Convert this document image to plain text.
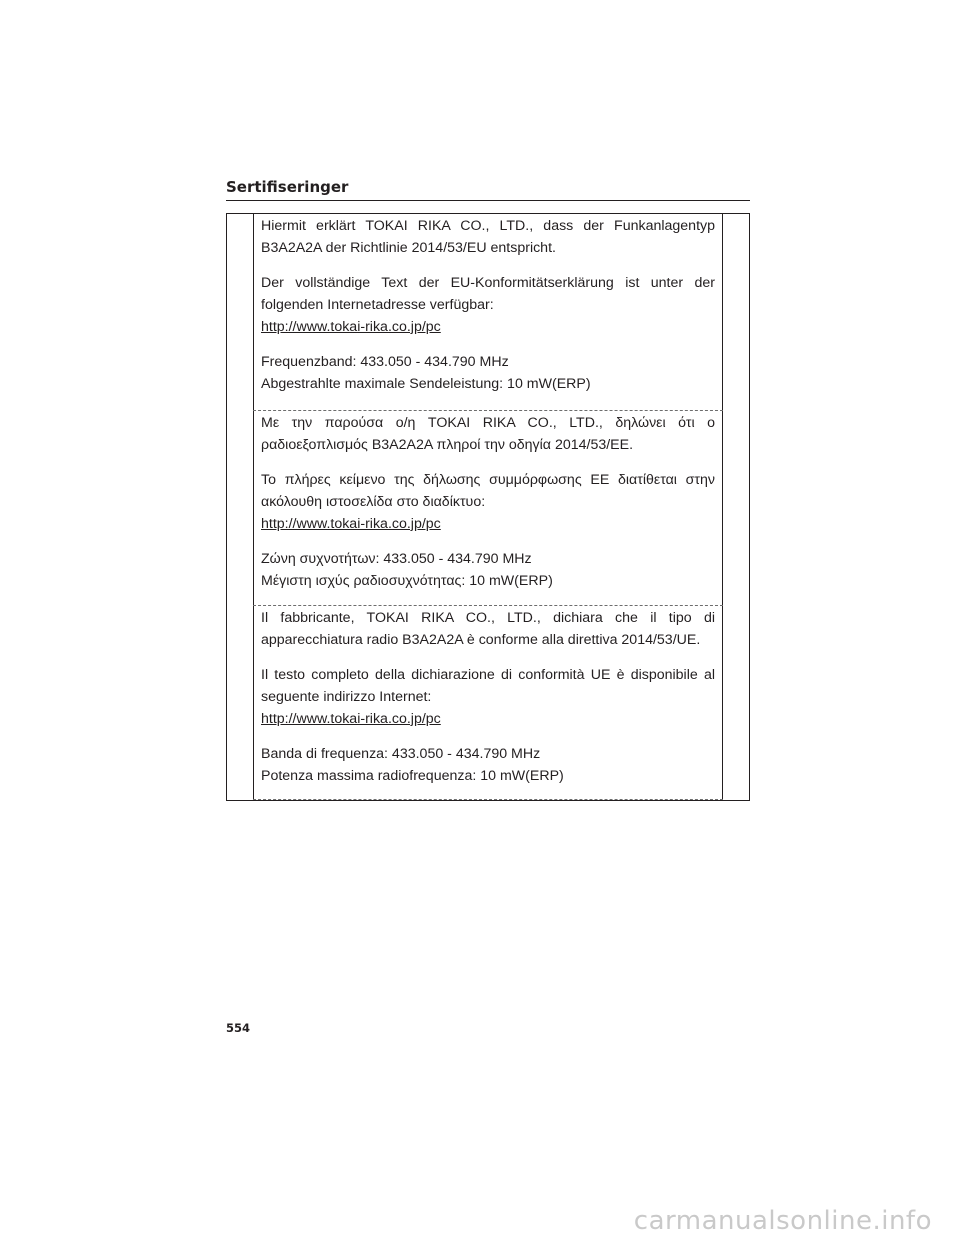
Sertifiseringer

Hiermit erklärt TOKAI RIKA CO., LTD., dass der Funkanlagentyp B3A2A2A der Richtlinie 2014/53/EU entspricht.

Der vollständige Text der EU-Konformitätserklärung ist unter der folgenden Internetadresse verfügbar:

http://www.tokai-rika.co.jp/pc
Frequenzband: 433.050 - 434.790 MHz
Abgestrahlte maximale Sendeleistung: 10 mW(ERP)

Με την παρούσα ο/η TOKAI RIKA CO., LTD., δηλώνει ότι ο ραδιοεξοπλισμός B3A2A2A πληροί την οδηγία 2014/53/ΕΕ.

Το πλήρες κείμενο της δήλωσης συμμόρφωσης ΕΕ διατίθεται στην ακόλουθη ιστοσελίδα στο διαδίκτυο:

http://www.tokai-rika.co.jp/pc
Ζώνη συχνοτήτων: 433.050 - 434.790 MHz
Μέγιστη ισχύς ραδιοσυχνότητας: 10 mW(ERP)

Il fabbricante, TOKAI RIKA CO., LTD., dichiara che il tipo di apparecchiatura radio B3A2A2A è conforme alla direttiva 2014/53/UE.

Il testo completo della dichiarazione di conformità UE è disponibile al seguente indirizzo Internet:

http://www.tokai-rika.co.jp/pc
Banda di frequenza: 433.050 - 434.790 MHz
Potenza massima radiofrequenza: 10 mW(ERP)
554
carmanualsonline.info
